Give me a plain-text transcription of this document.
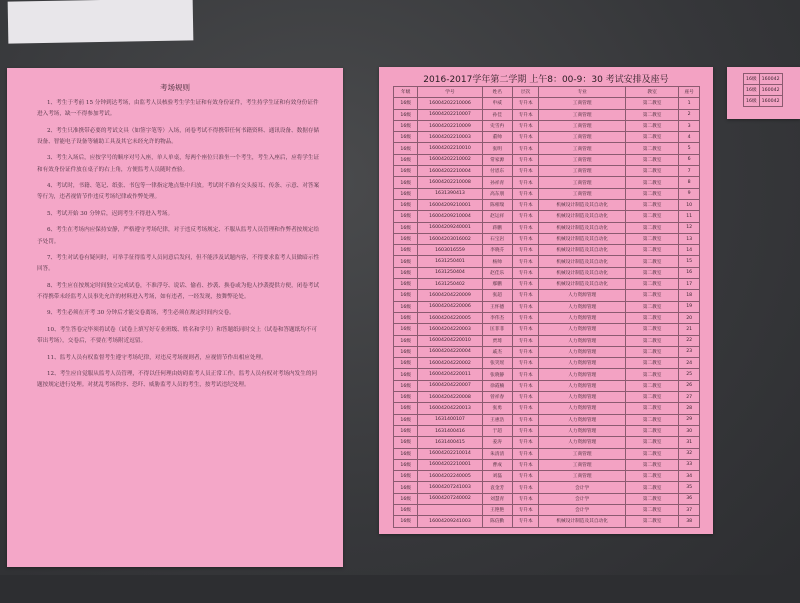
考场规则

1、考生于考前 15 分钟到达考场，由监考人员核验考生学生证和有效身份证件，考生持学生证和有效身份证件进入考场，缺一不得参加考试。

2、考生只准携带必要的考试文具（如签字笔等）入场，闭卷考试不得携带任何书籍资料、通讯设备、数据存储设备、智能电子设备等辅助工具及其它未经允许的物品。

3、考生入场后，应按学号的顺序对号入座，单人单桌，每两个座位只准坐一个考生，考生入座后，应将学生证和有效身份证件放在桌子的右上角，方便监考人员随时查验。

4、考试时，书籍、笔记、纸张、书包等一律指定地点集中归放。考试时不准有交头接耳、传条、示意、对答案等行为，违者视情节作违反考场纪律或作弊处理。

5、考试开始 30 分钟后，迟到考生不得进入考场。

6、考生在考场内应保持安静，严格遵守考场纪律，对于违反考场规定、不服从监考人员管理和作弊者按规定给予处罚。

7、考生对试卷有疑问时，可举手征得监考人员同意后发问，但不能涉及试题内容，不得要求监考人员做暗示性回答。

8、考生应在按规定时间独立完成试卷，不准浮夸、说话、偷看、抄袭、换卷或为他人抄袭提供方便，闭卷考试不得携带未经监考人员事先允许的材料进入考场，如有违者，一经发现，按舞弊论处。

9、考生必须在开考 30 分钟后才能交卷离场，考生必须在规定时间内交卷。

10、考生答卷完毕须将试卷（试卷上填写好专业班级、姓名和学号）和答题纸同时交上（试卷和答题纸均不可带出考场），交卷后，不要在考场附近逗留。

11、监考人员有权监督考生遵守考场纪律，对违反考场规则者，应视情节作出相应处理。

12、考生应自觉服从监考人员管理，不得以任何理由妨碍监考人员正常工作。监考人员有权对考场内发生的问题按规定进行处理。对扰乱考场秩序、恐吓、威胁监考人员的考生，按考试违纪处理。

2016-2017学年第二学期 上午8：00-9：30 考试安排及座号
年级	学号	姓名	层次	专业	教室	座号
16级	16004202210006	申威	专升本	工商管理	第二教室	1
16级	16004202210007	孙佳	专升本	工商管理	第二教室	2
16级	16004202210009	史雪冉	专升本	工商管理	第二教室	3
16级	16004202210003	董帅	专升本	工商管理	第二教室	4
16级	16004202210010	张明	专升本	工商管理	第二教室	5
16级	16004202210002	常家源	专升本	工商管理	第二教室	6
16级	16004202210004	付恩东	专升本	工商管理	第二教室	7
16级	16004202210008	孙祥青	专升本	工商管理	第二教室	8
16级	1631390413	高东朋	专升本	工商管理	第二教室	9
16级	16004209210001	陈相瑞	专升本	机械设计制造及其自动化	第二教室	10
16级	16004209210004	赵运祥	专升本	机械设计制造及其自动化	第二教室	11
16级	16004209240001	蒋鹏	专升本	机械设计制造及其自动化	第二教室	12
16级	16004203016002	石宝岩	专升本	机械设计制造及其自动化	第二教室	13
16级	1603016559	李晓芬	专升本	机械设计制造及其自动化	第二教室	14
16级	1631250401	杨帅	专升本	机械设计制造及其自动化	第二教室	15
16级	1631250404	赵佳乐	专升本	机械设计制造及其自动化	第二教室	16
16级	1631250402	鄢鹏	专升本	机械设计制造及其自动化	第二教室	17
16级	16004204220009	张超	专升本	人力资源管理	第二教室	18
16级	16004204220006	王怀德	专升本	人力资源管理	第二教室	19
16级	16004204220005	李伟杰	专升本	人力资源管理	第二教室	20
16级	16004204220003	匡菲菲	专升本	人力资源管理	第二教室	21
16级	16004204220010	贾琦	专升本	人力资源管理	第二教室	22
16级	16004204220004	戚杰	专升本	人力资源管理	第二教室	23
16级	16004204220002	张笑瑶	专升本	人力资源管理	第二教室	24
16级	16004204220011	张晓静	专升本	人力资源管理	第二教室	25
16级	16004204220007	徐霞楠	专升本	人力资源管理	第二教室	26
16级	16004204220008	曾祥春	专升本	人力资源管理	第二教室	27
16级	16004204220013	张勇	专升本	人力资源管理	第二教室	28
16级	1631400107	王惠浩	专升本	人力资源管理	第二教室	29
16级	1631400416	于超	专升本	人力资源管理	第二教室	30
16级	1631400415	姜涛	专升本	人力资源管理	第二教室	31
16级	16004202210014	朱清清	专升本	工商管理	第二教室	32
16级	16004202210001	曹成	专升本	工商管理	第二教室	33
16级	16004202240005	刘磊	专升本	工商管理	第二教室	34
16级	16004207241003	袁金芳	专升本	会计学	第二教室	35
16级	16004207240002	刘慧青	专升本	会计学	第二教室	36
16级		王艳艳	专升本	会计学	第二教室	37
16级	16004209241003	陈信勤	专升本	机械设计制造及其自动化	第二教室	38
16级	160042
16级	160042
16级	160042
